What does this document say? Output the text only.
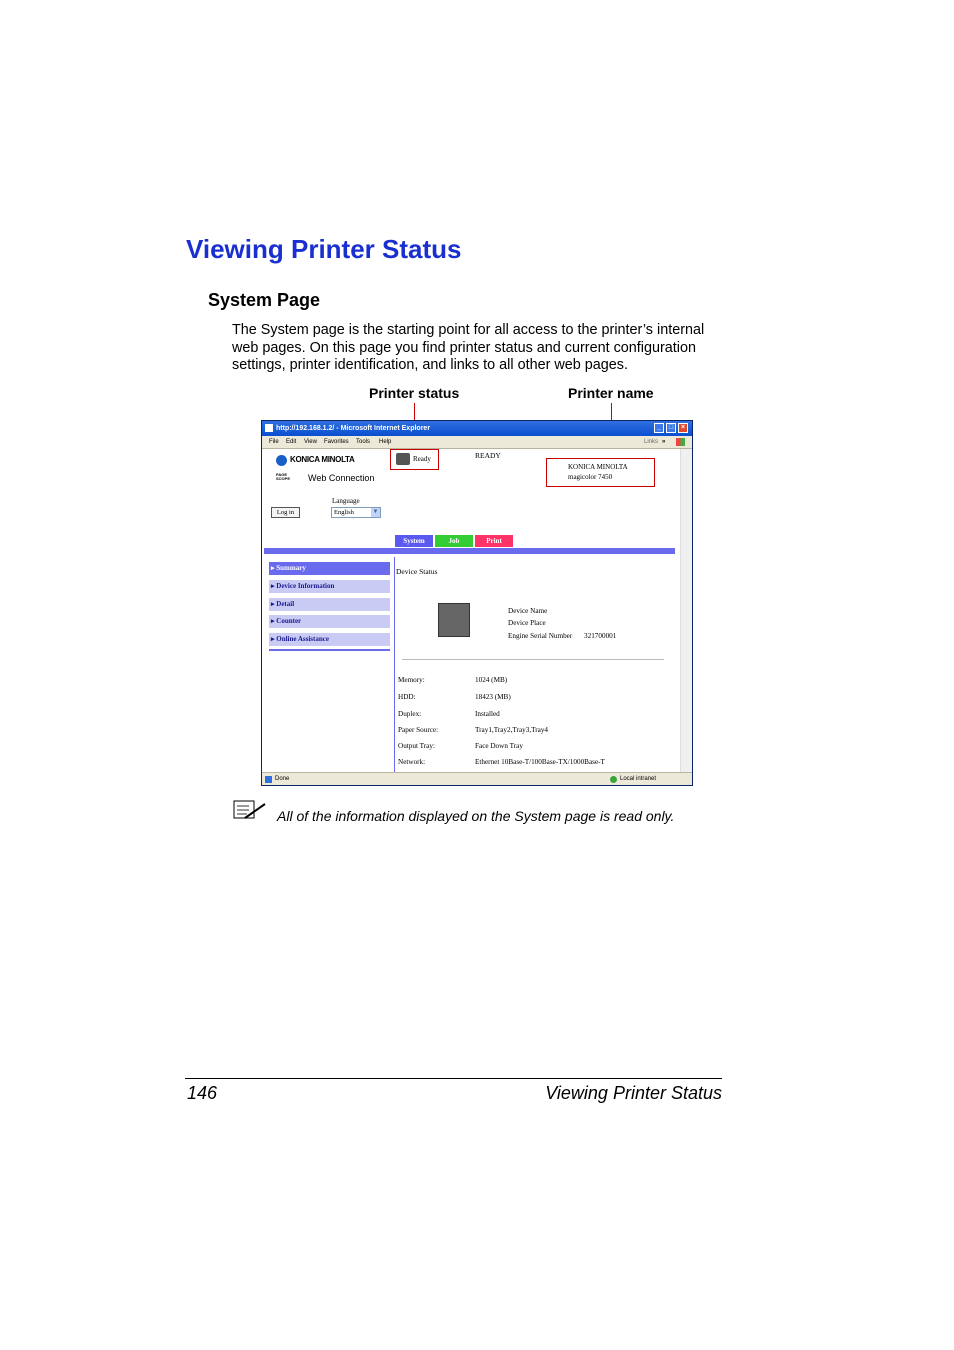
Viewing Printer Status
System Page
The System page is the starting point for all access to the printer’s internal web pages. On this page you find printer status and current configuration settings, printer identification, and links to all other web pages.
Printer status	Printer name
http://192.168.1.2/ - Microsoft Internet Explorer	_	□	×
File Edit View Favorites Tools Help	Links »
KONICA MINOLTA
PAGE SCOPE Web Connection
Ready	READY
KONICA MINOLTA
magicolor 7450
Language
English	▼
Log in
System	Job	Print
▸ Summary
▸ Device Information
▸ Detail
▸ Counter
▸ Online Assistance
Device Status
Device Name
Device Place
Engine Serial Number 321700001
Memory:	1024 (MB)
HDD:	18423 (MB)
Duplex:	Installed
Paper Source:	Tray1,Tray2,Tray3,Tray4
Output Tray:	Face Down Tray
Network:	Ethernet 10Base-T/100Base-TX/1000Base-T
Done	Local intranet
All of the information displayed on the System page is read only.
146	Viewing Printer Status
